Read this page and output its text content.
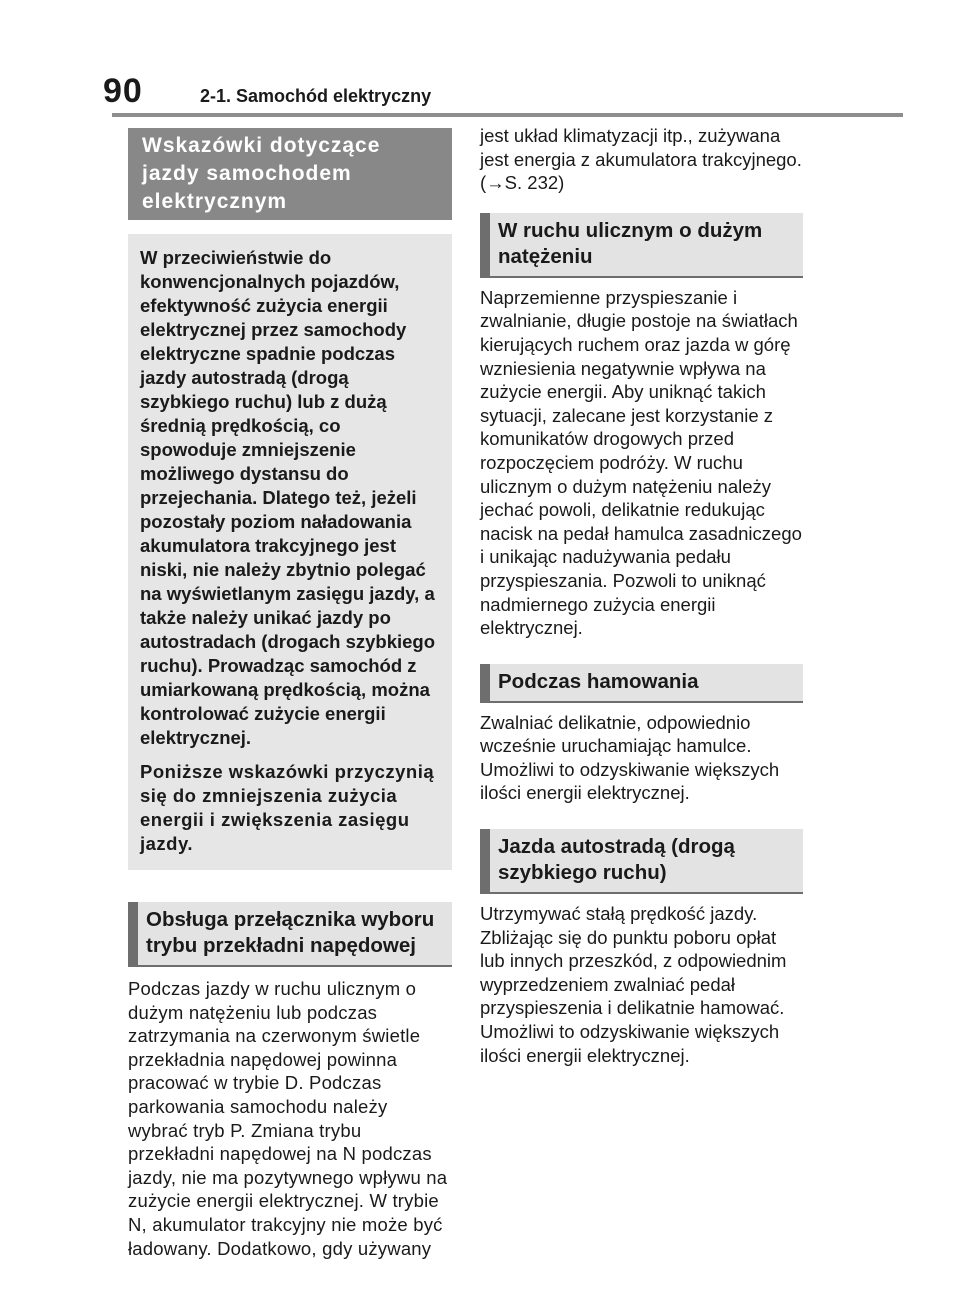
90	2-1. Samochód elektryczny
Wskazówki dotyczące jazdy samochodem elektrycznym

W przeciwieństwie do konwencjonalnych pojazdów, efektywność zużycia energii elektrycznej przez samochody elektryczne spadnie podczas jazdy autostradą (drogą szybkiego ruchu) lub z dużą średnią prędkością, co spowoduje zmniejszenie możliwego dystansu do przejechania. Dlatego też, jeżeli pozostały poziom naładowania akumulatora trakcyjnego jest niski, nie należy zbytnio polegać na wyświetlanym zasięgu jazdy, a także należy unikać jazdy po autostradach (drogach szybkiego ruchu). Prowadząc samochód z umiarkowaną prędkością, można kontrolować zużycie energii elektrycznej.

Poniższe wskazówki przyczynią się do zmniejszenia zużycia energii i zwiększenia zasięgu jazdy.

Obsługa przełącznika wyboru trybu przekładni napędowej

Podczas jazdy w ruchu ulicznym o dużym natężeniu lub podczas zatrzymania na czerwonym świetle przekładnia napędowej powinna pracować w trybie D. Podczas parkowania samochodu należy wybrać tryb P. Zmiana trybu przekładni napędowej na N podczas jazdy, nie ma pozytywnego wpływu na zużycie energii elektrycznej. W trybie N, akumulator trakcyjny nie może być ładowany. Dodatkowo, gdy używany

jest układ klimatyzacji itp., zużywana jest energia z akumulatora trakcyjnego. (→S. 232)

W ruchu ulicznym o dużym natężeniu

Naprzemienne przyspieszanie i zwalnianie, długie postoje na światłach kierujących ruchem oraz jazda w górę wzniesienia negatywnie wpływa na zużycie energii. Aby uniknąć takich sytuacji, zalecane jest korzystanie z komunikatów drogowych przed rozpoczęciem podróży. W ruchu ulicznym o dużym natężeniu należy jechać powoli, delikatnie redukując nacisk na pedał hamulca zasadniczego i unikając nadużywania pedału przyspieszania. Pozwoli to uniknąć nadmiernego zużycia energii elektrycznej.

Podczas hamowania

Zwalniać delikatnie, odpowiednio wcześnie uruchamiając hamulce. Umożliwi to odzyskiwanie większych ilości energii elektrycznej.

Jazda autostradą (drogą szybkiego ruchu)

Utrzymywać stałą prędkość jazdy. Zbliżając się do punktu poboru opłat lub innych przeszkód, z odpowiednim wyprzedzeniem zwalniać pedał przyspieszenia i delikatnie hamować. Umożliwi to odzyskiwanie większych ilości energii elektrycznej.
